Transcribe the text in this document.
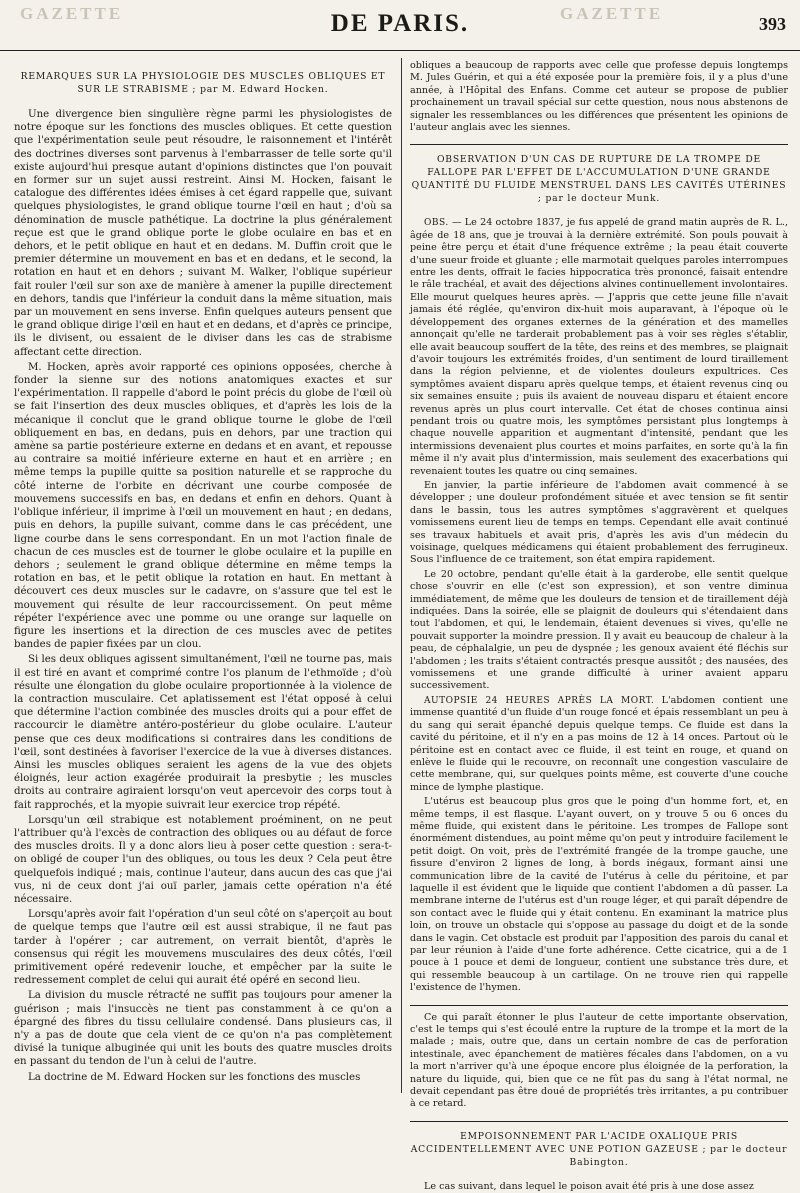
GAZETTE	DE PARIS.	GAZETTE
393
REMARQUES SUR LA PHYSIOLOGIE DES MUSCLES OBLIQUES ET SUR LE STRABISME ; par M. Edward Hocken.

Une divergence bien singulière règne parmi les physiologistes de notre époque sur les fonctions des muscles obliques. Et cette question que l'expérimentation seule peut résoudre, le raisonnement et l'intérêt des doctrines diverses sont parvenus à l'embarrasser de telle sorte qu'il existe aujourd'hui presque autant d'opinions distinctes que l'on pouvait en former sur un sujet aussi restreint. Ainsi M. Hocken, faisant le catalogue des différentes idées émises à cet égard rappelle que, suivant quelques physiologistes, le grand oblique tourne l'œil en haut ; d'où sa dénomination de muscle pathétique. La doctrine la plus généralement reçue est que le grand oblique porte le globe oculaire en bas et en dehors, et le petit oblique en haut et en dedans. M. Duffin croit que le premier détermine un mouvement en bas et en dedans, et le second, la rotation en haut et en dehors ; suivant M. Walker, l'oblique supérieur fait rouler l'œil sur son axe de manière à amener la pupille directement en dehors, tandis que l'inférieur la conduit dans la même situation, mais par un mouvement en sens inverse. Enfin quelques auteurs pensent que le grand oblique dirige l'œil en haut et en dedans, et d'après ce principe, ils le divisent, ou essaient de le diviser dans les cas de strabisme affectant cette direction.

M. Hocken, après avoir rapporté ces opinions opposées, cherche à fonder la sienne sur des notions anatomiques exactes et sur l'expérimentation. Il rappelle d'abord le point précis du globe de l'œil où se fait l'insertion des deux muscles obliques, et d'après les lois de la mécanique il conclut que le grand oblique tourne le globe de l'œil obliquement en bas, en dedans, puis en dehors, par une traction qui amène sa partie postérieure externe en dedans et en avant, et repousse au contraire sa moitié inférieure externe en haut et en arrière ; en même temps la pupille quitte sa position naturelle et se rapproche du côté interne de l'orbite en décrivant une courbe composée de mouvemens successifs en bas, en dedans et enfin en dehors. Quant à l'oblique inférieur, il imprime à l'œil un mouvement en haut ; en dedans, puis en dehors, la pupille suivant, comme dans le cas précédent, une ligne courbe dans le sens correspondant. En un mot l'action finale de chacun de ces muscles est de tourner le globe oculaire et la pupille en dehors ; seulement le grand oblique détermine en même temps la rotation en bas, et le petit oblique la rotation en haut. En mettant à découvert ces deux muscles sur le cadavre, on s'assure que tel est le mouvement qui résulte de leur raccourcissement. On peut même répéter l'expérience avec une pomme ou une orange sur laquelle on figure les insertions et la direction de ces muscles avec de petites bandes de papier fixées par un clou.

Si les deux obliques agissent simultanément, l'œil ne tourne pas, mais il est tiré en avant et comprimé contre l'os planum de l'ethmoïde ; d'où résulte une élongation du globe oculaire proportionnée à la violence de la contraction musculaire. Cet aplatissement est l'état opposé à celui que détermine l'action combinée des muscles droits qui a pour effet de raccourcir le diamètre antéro-postérieur du globe oculaire. L'auteur pense que ces deux modifications si contraires dans les conditions de l'œil, sont destinées à favoriser l'exercice de la vue à diverses distances. Ainsi les muscles obliques seraient les agens de la vue des objets éloignés, leur action exagérée produirait la presbytie ; les muscles droits au contraire agiraient lorsqu'on veut apercevoir des corps tout à fait rapprochés, et la myopie suivrait leur exercice trop répété.

Lorsqu'un œil strabique est notablement proéminent, on ne peut l'attribuer qu'à l'excès de contraction des obliques ou au défaut de force des muscles droits. Il y a donc alors lieu à poser cette question : sera-t-on obligé de couper l'un des obliques, ou tous les deux ? Cela peut être quelquefois indiqué ; mais, continue l'auteur, dans aucun des cas que j'ai vus, ni de ceux dont j'ai ouï parler, jamais cette opération n'a été nécessaire.

Lorsqu'après avoir fait l'opération d'un seul côté on s'aperçoit au bout de quelque temps que l'autre œil est aussi strabique, il ne faut pas tarder à l'opérer ; car autrement, on verrait bientôt, d'après le consensus qui régit les mouvemens musculaires des deux côtés, l'œil primitivement opéré redevenir louche, et empêcher par la suite le redressement complet de celui qui aurait été opéré en second lieu.

La division du muscle rétracté ne suffit pas toujours pour amener la guérison ; mais l'insuccès ne tient pas constamment à ce qu'on a épargné des fibres du tissu cellulaire condensé. Dans plusieurs cas, il n'y a pas de doute que cela vient de ce qu'on n'a pas complètement divisé la tunique albuginée qui unit les bouts des quatre muscles droits en passant du tendon de l'un à celui de l'autre.

La doctrine de M. Edward Hocken sur les fonctions des muscles

obliques a beaucoup de rapports avec celle que professe depuis longtemps M. Jules Guérin, et qui a été exposée pour la première fois, il y a plus d'une année, à l'Hôpital des Enfans. Comme cet auteur se propose de publier prochainement un travail spécial sur cette question, nous nous abstenons de signaler les ressemblances ou les différences que présentent les opinions de l'auteur anglais avec les siennes.

OBSERVATION D'UN CAS DE RUPTURE DE LA TROMPE DE FALLOPE PAR L'EFFET DE L'ACCUMULATION D'UNE GRANDE QUANTITÉ DU FLUIDE MENSTRUEL DANS LES CAVITÉS UTÉRINES ; par le docteur Munk.

OBS. — Le 24 octobre 1837, je fus appelé de grand matin auprès de R. L., âgée de 18 ans, que je trouvai à la dernière extrémité. Son pouls pouvait à peine être perçu et était d'une fréquence extrême ; la peau était couverte d'une sueur froide et gluante ; elle marmotait quelques paroles interrompues entre les dents, offrait le facies hippocratica très prononcé, faisait entendre le râle trachéal, et avait des déjections alvines continuellement involontaires. Elle mourut quelques heures après. — J'appris que cette jeune fille n'avait jamais été réglée, qu'environ dix-huit mois auparavant, à l'époque où le développement des organes externes de la génération et des mamelles annonçait qu'elle ne tarderait probablement pas à voir ses règles s'établir, elle avait beaucoup souffert de la tête, des reins et des membres, se plaignait d'avoir toujours les extrémités froides, d'un sentiment de lourd tiraillement dans la région pelvienne, et de violentes douleurs expultrices. Ces symptômes avaient disparu après quelque temps, et étaient revenus cinq ou six semaines ensuite ; puis ils avaient de nouveau disparu et étaient encore revenus après un plus court intervalle. Cet état de choses continua ainsi pendant trois ou quatre mois, les symptômes persistant plus longtemps à chaque nouvelle apparition et augmentant d'intensité, pendant que les intermissions devenaient plus courtes et moins parfaites, en sorte qu'à la fin même il n'y avait plus d'intermission, mais seulement des exacerbations qui revenaient toutes les quatre ou cinq semaines.

En janvier, la partie inférieure de l'abdomen avait commencé à se développer ; une douleur profondément située et avec tension se fit sentir dans le bassin, tous les autres symptômes s'aggravèrent et quelques vomissemens eurent lieu de temps en temps. Cependant elle avait continué ses travaux habituels et avait pris, d'après les avis d'un médecin du voisinage, quelques médicamens qui étaient probablement des ferrugineux. Sous l'influence de ce traitement, son état empira rapidement.

Le 20 octobre, pendant qu'elle était à la garderobe, elle sentit quelque chose s'ouvrir en elle (c'est son expression), et son ventre diminua immédiatement, de même que les douleurs de tension et de tiraillement déjà indiquées. Dans la soirée, elle se plaignit de douleurs qui s'étendaient dans tout l'abdomen, et qui, le lendemain, étaient devenues si vives, qu'elle ne pouvait supporter la moindre pression. Il y avait eu beaucoup de chaleur à la peau, de céphalalgie, un peu de dyspnée ; les genoux avaient été fléchis sur l'abdomen ; les traits s'étaient contractés presque aussitôt ; des nausées, des vomissemens et une grande difficulté à uriner avaient apparu successivement.

AUTOPSIE 24 HEURES APRÈS LA MORT. L'abdomen contient une immense quantité d'un fluide d'un rouge foncé et épais ressemblant un peu à du sang qui serait épanché depuis quelque temps. Ce fluide est dans la cavité du péritoine, et il n'y en a pas moins de 12 à 14 onces. Partout où le péritoine est en contact avec ce fluide, il est teint en rouge, et quand on enlève le fluide qui le recouvre, on reconnaît une congestion vasculaire de cette membrane, qui, sur quelques points même, est couverte d'une couche mince de lymphe plastique.

L'utérus est beaucoup plus gros que le poing d'un homme fort, et, en même temps, il est flasque. L'ayant ouvert, on y trouve 5 ou 6 onces du même fluide, qui existent dans le péritoine. Les trompes de Fallope sont énormément distendues, au point même qu'on peut y introduire facilement le petit doigt. On voit, près de l'extrémité frangée de la trompe gauche, une fissure d'environ 2 lignes de long, à bords inégaux, formant ainsi une communication libre de la cavité de l'utérus à celle du péritoine, et par laquelle il est évident que le liquide que contient l'abdomen a dû passer. La membrane interne de l'utérus est d'un rouge léger, et qui paraît dépendre de son contact avec le fluide qui y était contenu. En examinant la matrice plus loin, on trouve un obstacle qui s'oppose au passage du doigt et de la sonde dans le vagin. Cet obstacle est produit par l'apposition des parois du canal et par leur réunion à l'aide d'une forte adhérence. Cette cicatrice, qui a de 1 pouce à 1 pouce et demi de longueur, contient une substance très dure, et qui ressemble beaucoup à un cartilage. On ne trouve rien qui rappelle l'existence de l'hymen.

Ce qui paraît étonner le plus l'auteur de cette importante observation, c'est le temps qui s'est écoulé entre la rupture de la trompe et la mort de la malade ; mais, outre que, dans un certain nombre de cas de perforation intestinale, avec épanchement de matières fécales dans l'abdomen, on a vu la mort n'arriver qu'à une époque encore plus éloignée de la perforation, la nature du liquide, qui, bien que ce ne fût pas du sang à l'état normal, ne devait cependant pas être doué de propriétés très irritantes, a pu contribuer à ce retard.

EMPOISONNEMENT PAR L'ACIDE OXALIQUE PRIS ACCIDENTELLEMENT AVEC UNE POTION GAZEUSE ; par le docteur Babington.

Le cas suivant, dans lequel le poison avait été pris à une dose assez
